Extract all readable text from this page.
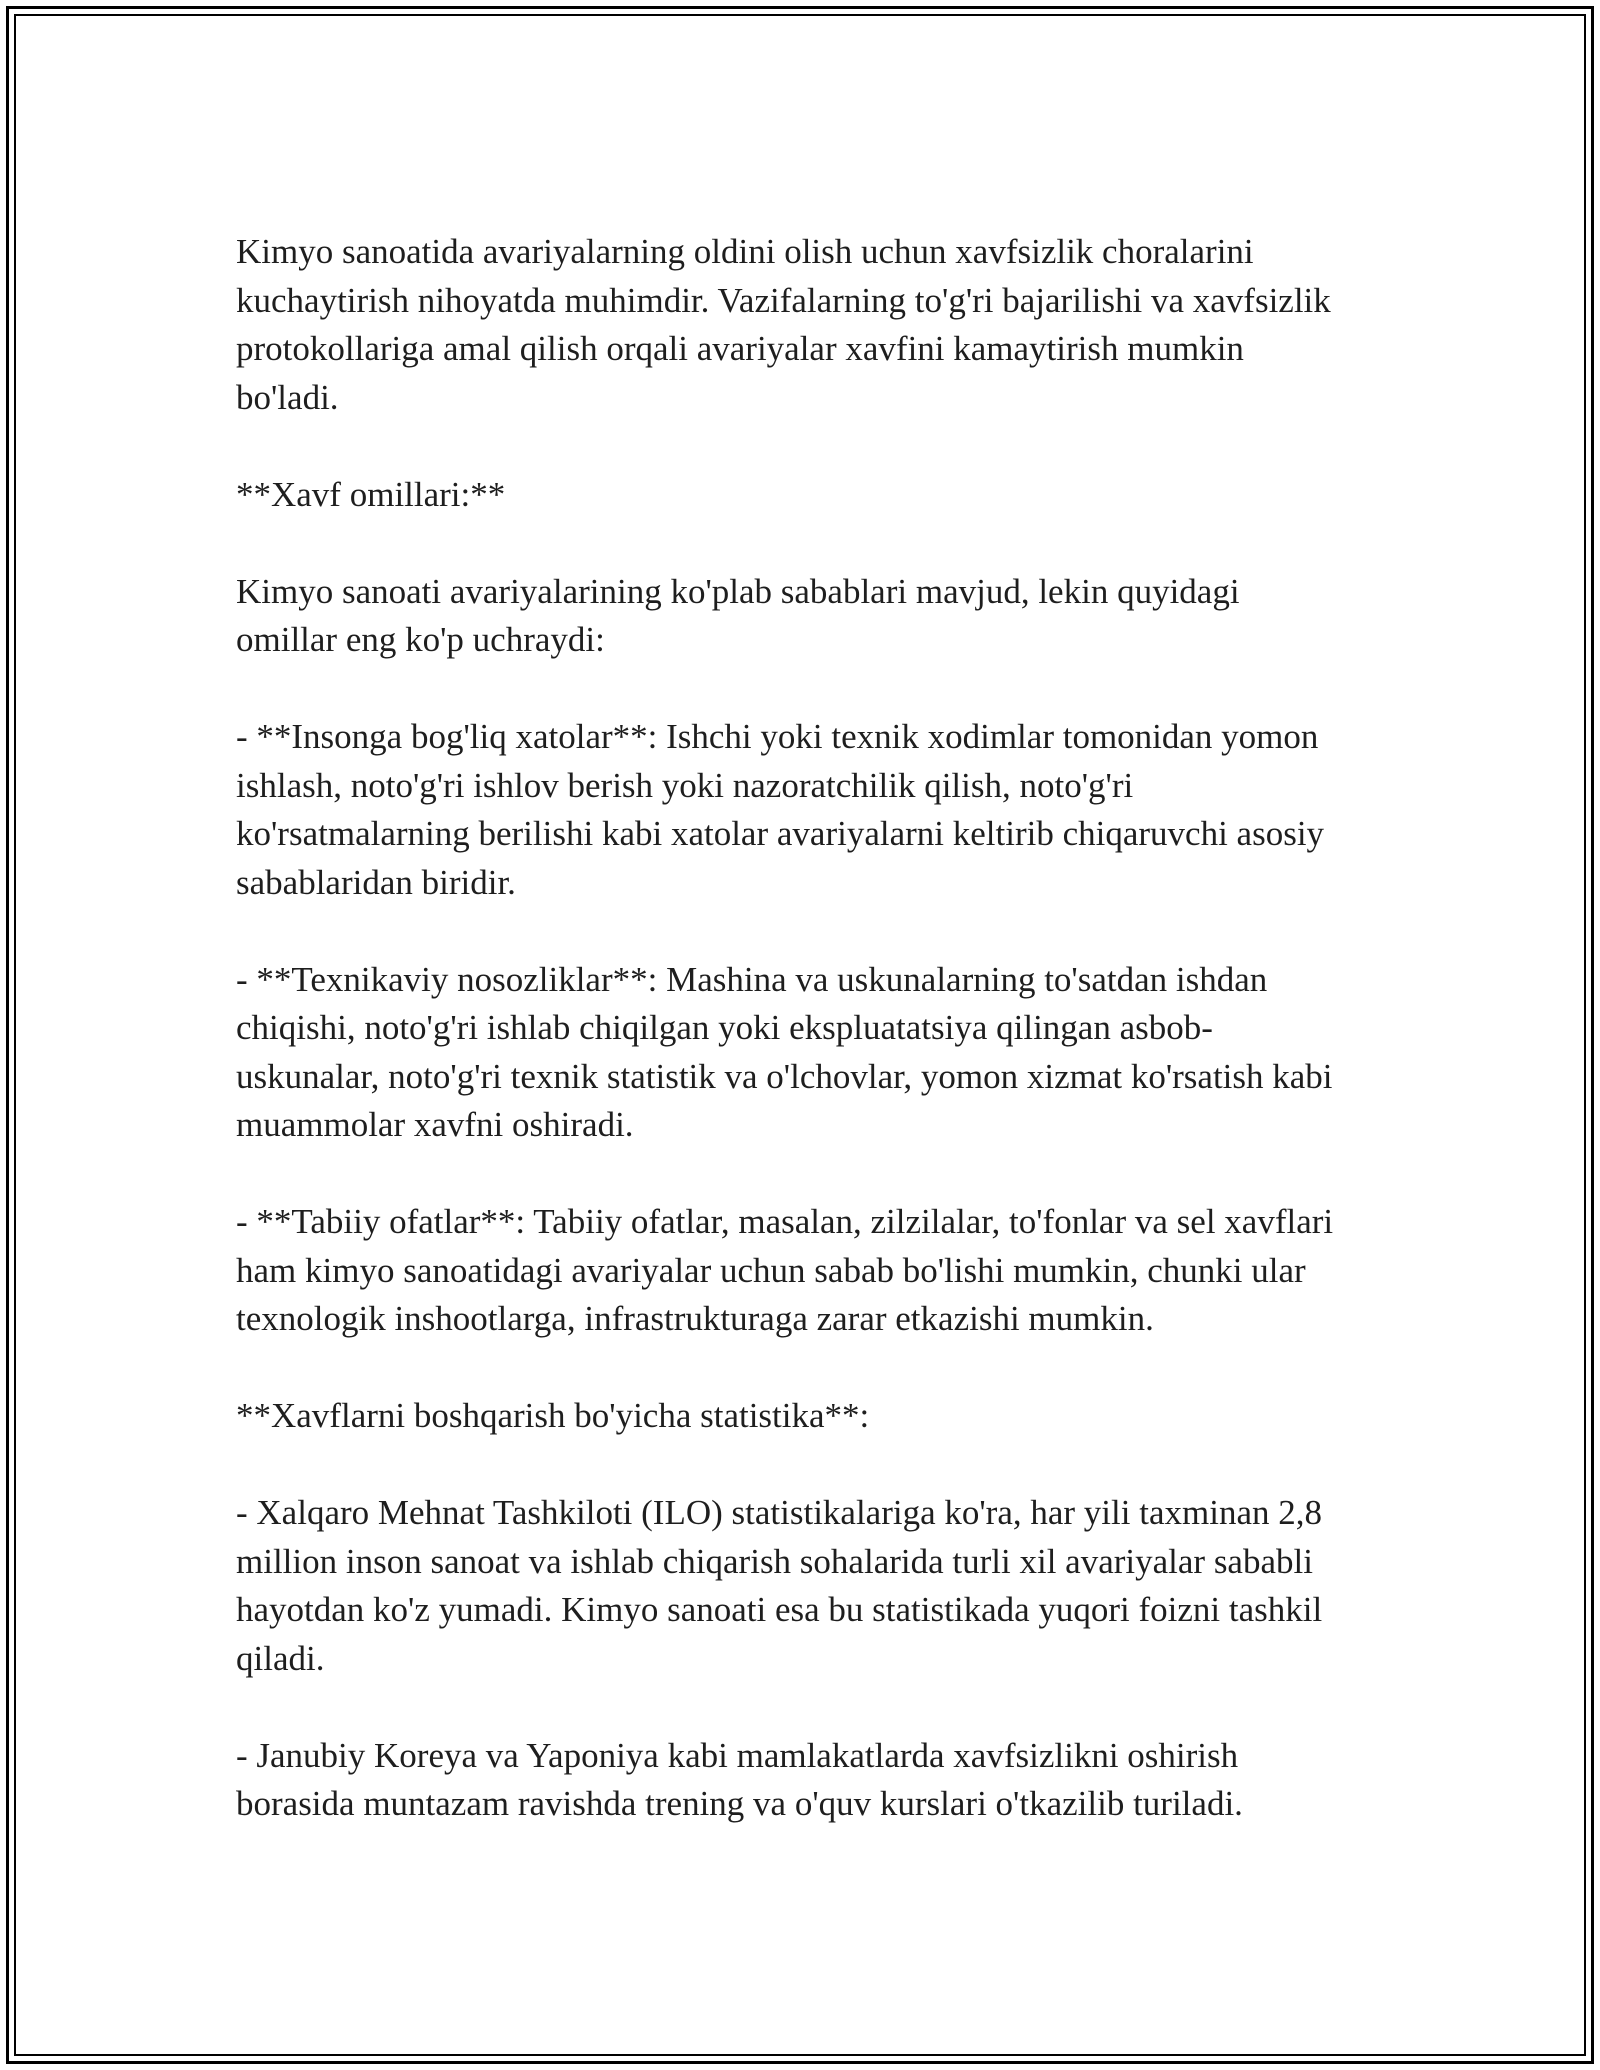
Kimyo sanoatida avariyalarning oldini olish uchun xavfsizlik choralarini kuchaytirish nihoyatda muhimdir. Vazifalarning to'g'ri bajarilishi va xavfsizlik protokollariga amal qilish orqali avariyalar xavfini kamaytirish mumkin bo'ladi.

**Xavf omillari:**

Kimyo sanoati avariyalarining ko'plab sabablari mavjud, lekin quyidagi omillar eng ko'p uchraydi:

- **Insonga bog'liq xatolar**: Ishchi yoki texnik xodimlar tomonidan yomon ishlash, noto'g'ri ishlov berish yoki nazoratchilik qilish, noto'g'ri ko'rsatmalarning berilishi kabi xatolar avariyalarni keltirib chiqaruvchi asosiy sabablaridan biridir.

- **Texnikaviy nosozliklar**: Mashina va uskunalarning to'satdan ishdan chiqishi, noto'g'ri ishlab chiqilgan yoki ekspluatatsiya qilingan asbob-uskunalar, noto'g'ri texnik statistik va o'lchovlar, yomon xizmat ko'rsatish kabi muammolar xavfni oshiradi.

- **Tabiiy ofatlar**: Tabiiy ofatlar, masalan, zilzilalar, to'fonlar va sel xavflari ham kimyo sanoatidagi avariyalar uchun sabab bo'lishi mumkin, chunki ular texnologik inshootlarga, infrastrukturaga zarar etkazishi mumkin.

**Xavflarni boshqarish bo'yicha statistika**:

- Xalqaro Mehnat Tashkiloti (ILO) statistikalariga ko'ra, har yili taxminan 2,8 million inson sanoat va ishlab chiqarish sohalarida turli xil avariyalar sababli hayotdan ko'z yumadi. Kimyo sanoati esa bu statistikada yuqori foizni tashkil qiladi.

- Janubiy Koreya va Yaponiya kabi mamlakatlarda xavfsizlikni oshirish borasida muntazam ravishda trening va o'quv kurslari o'tkazilib turiladi.
